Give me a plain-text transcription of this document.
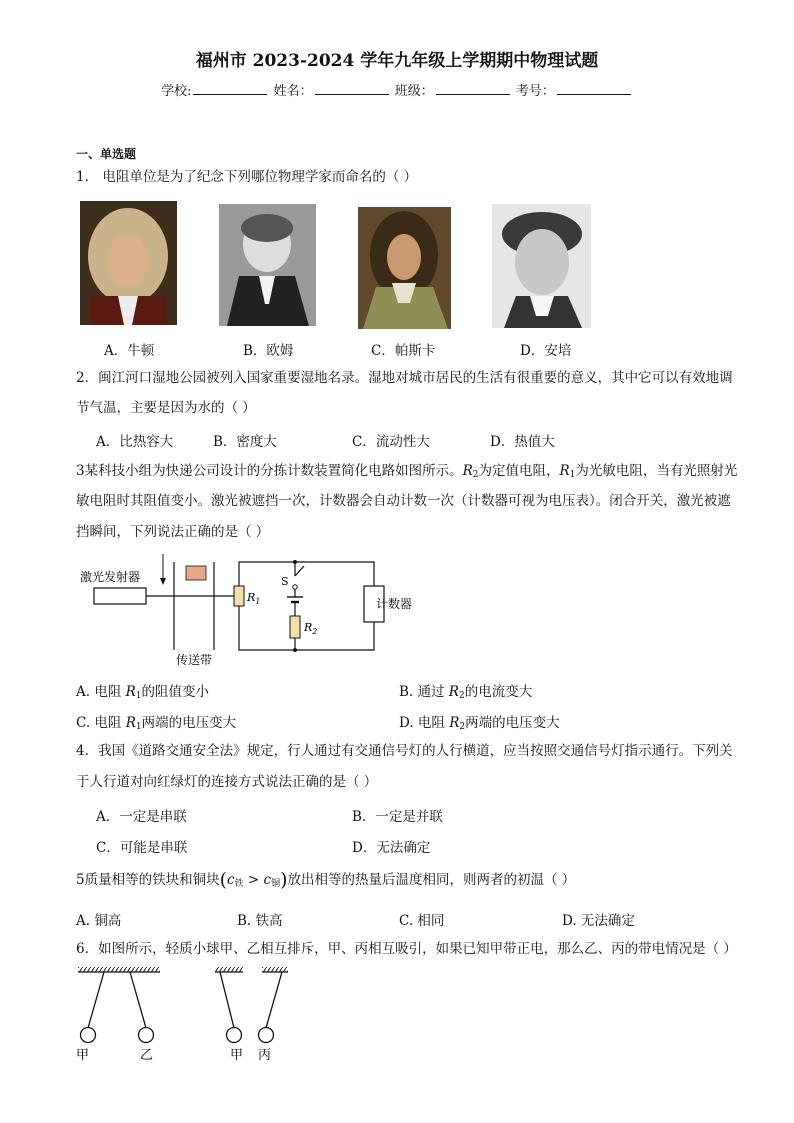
福州市 2023-2024 学年九年级上学期期中物理试题
学校:	姓名：	班级：	考号：
一、单选题
1． 电阻单位是为了纪念下列哪位物理学家而命名的（ ）
A．牛顿	B．欧姆	C．帕斯卡	D．安培
2．闽江河口湿地公园被列入国家重要湿地名录。湿地对城市居民的生活有很重要的意义，其中它可以有效地调
节气温，主要是因为水的（ ）
A．比热容大	B．密度大	C．流动性大	D．热值大
3某科技小组为快递公司设计的分拣计数装置简化电路如图所示。R2为定值电阻，R1为光敏电阻，当有光照射光
敏电阻时其阻值变小。激光被遮挡一次，计数器会自动计数一次（计数器可视为电压表）。闭合开关，激光被遮
挡瞬间，下列说法正确的是（ ）
激光发射器
传送带
$R_1$
S
$R_2$
计数器
A. 电阻 R1的阻值变小	B. 通过 R2的电流变大
C. 电阻 R1两端的电压变大	D. 电阻 R2两端的电压变大
4．我国《道路交通安全法》规定，行人通过有交通信号灯的人行横道，应当按照交通信号灯指示通行。下列关
于人行道对向红绿灯的连接方式说法正确的是（ ）
A．一定是串联	B．一定是并联
C．可能是串联	D．无法确定
5质量相等的铁块和铜块(c铁 > c铜)放出相等的热量后温度相同，则两者的初温（ ）
A. 铜高	B. 铁高	C. 相同	D. 无法确定
6．如图所示，轻质小球甲、乙相互排斥，甲、丙相互吸引，如果已知甲带正电，那么乙、丙的带电情况是（ ）
甲	乙	甲 丙
